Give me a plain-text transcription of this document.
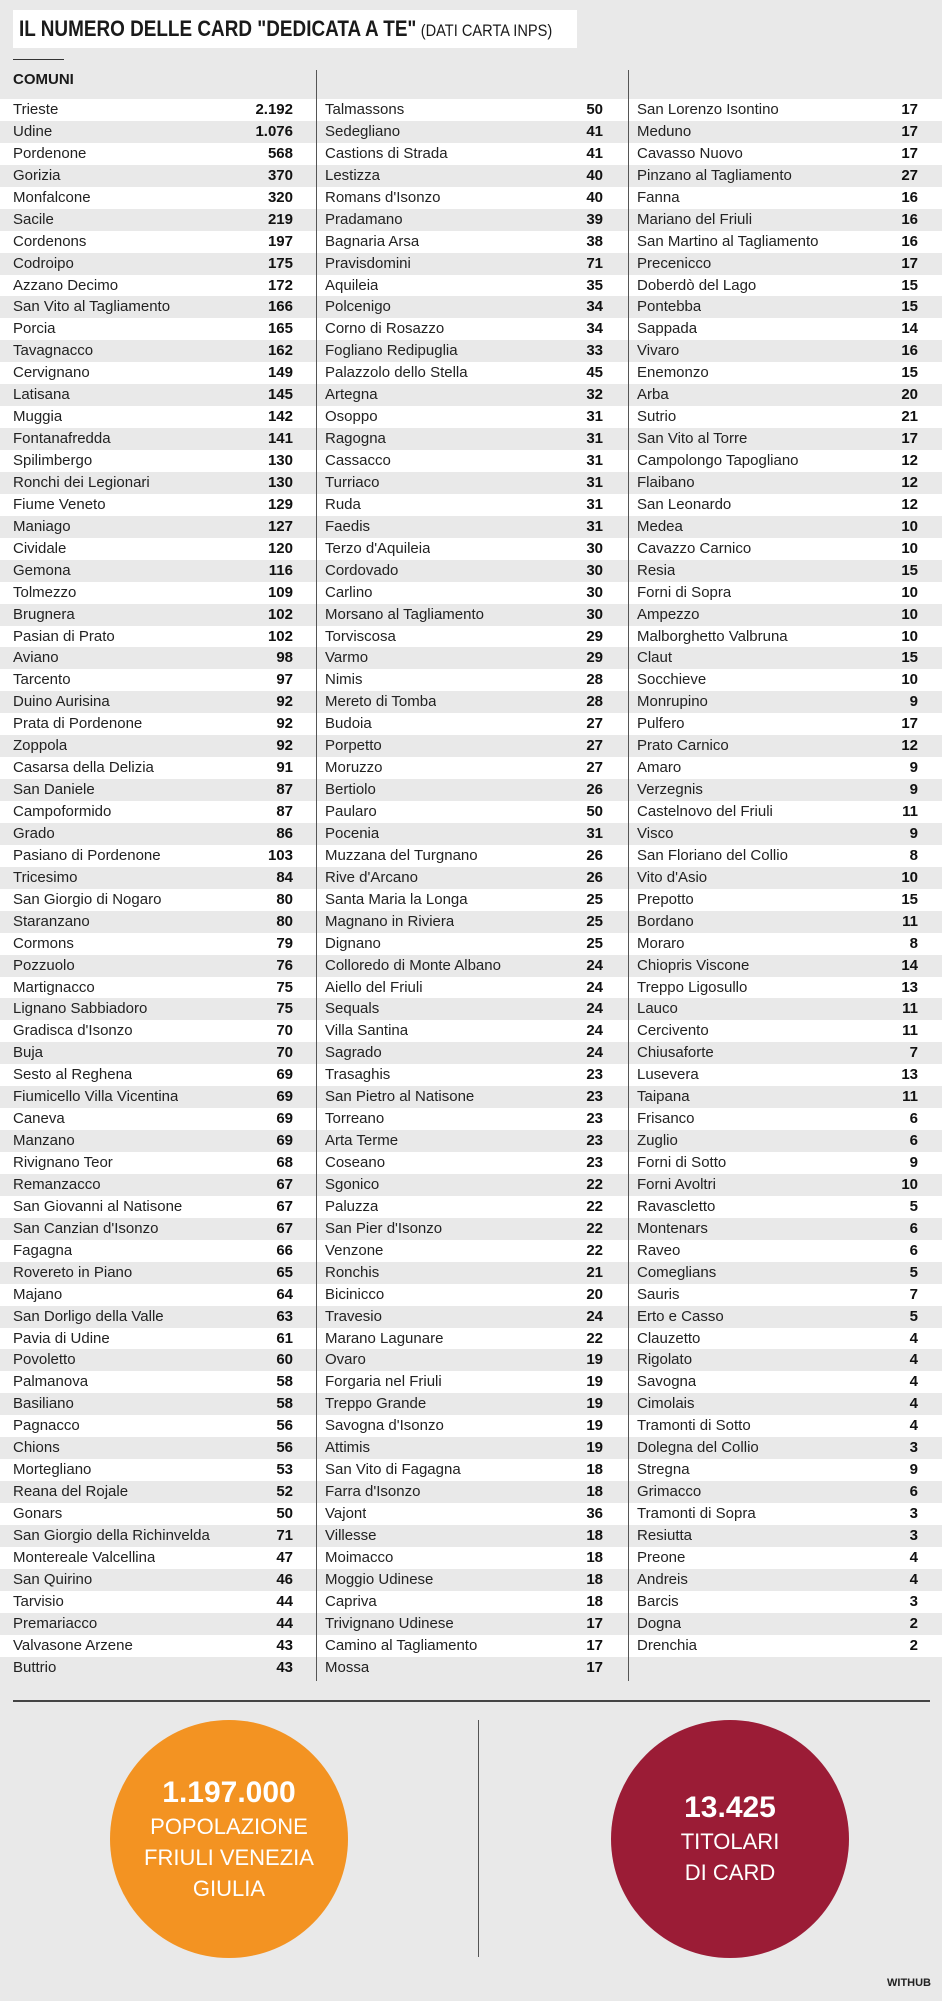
IL NUMERO DELLE CARD "DEDICATA A TE" (DATI CARTA INPS)
COMUNI
Trieste	2.192
Udine	1.076
Pordenone	568
Gorizia	370
Monfalcone	320
Sacile	219
Cordenons	197
Codroipo	175
Azzano Decimo	172
San Vito al Tagliamento	166
Porcia	165
Tavagnacco	162
Cervignano	149
Latisana	145
Muggia	142
Fontanafredda	141
Spilimbergo	130
Ronchi dei Legionari	130
Fiume Veneto	129
Maniago	127
Cividale	120
Gemona	116
Tolmezzo	109
Brugnera	102
Pasian di Prato	102
Aviano	98
Tarcento	97
Duino Aurisina	92
Prata di Pordenone	92
Zoppola	92
Casarsa della Delizia	91
San Daniele	87
Campoformido	87
Grado	86
Pasiano di Pordenone	103
Tricesimo	84
San Giorgio di Nogaro	80
Staranzano	80
Cormons	79
Pozzuolo	76
Martignacco	75
Lignano Sabbiadoro	75
Gradisca d'Isonzo	70
Buja	70
Sesto al Reghena	69
Fiumicello Villa Vicentina	69
Caneva	69
Manzano	69
Rivignano Teor	68
Remanzacco	67
San Giovanni al Natisone	67
San Canzian d'Isonzo	67
Fagagna	66
Rovereto in Piano	65
Majano	64
San Dorligo della Valle	63
Pavia di Udine	61
Povoletto	60
Palmanova	58
Basiliano	58
Pagnacco	56
Chions	56
Mortegliano	53
Reana del Rojale	52
Gonars	50
San Giorgio della Richinvelda	71
Montereale Valcellina	47
San Quirino	46
Tarvisio	44
Premariacco	44
Valvasone Arzene	43
Buttrio	43
Talmassons	50
Sedegliano	41
Castions di Strada	41
Lestizza	40
Romans d'Isonzo	40
Pradamano	39
Bagnaria Arsa	38
Pravisdomini	71
Aquileia	35
Polcenigo	34
Corno di Rosazzo	34
Fogliano Redipuglia	33
Palazzolo dello Stella	45
Artegna	32
Osoppo	31
Ragogna	31
Cassacco	31
Turriaco	31
Ruda	31
Faedis	31
Terzo d'Aquileia	30
Cordovado	30
Carlino	30
Morsano al Tagliamento	30
Torviscosa	29
Varmo	29
Nimis	28
Mereto di Tomba	28
Budoia	27
Porpetto	27
Moruzzo	27
Bertiolo	26
Paularo	50
Pocenia	31
Muzzana del Turgnano	26
Rive d'Arcano	26
Santa Maria la Longa	25
Magnano in Riviera	25
Dignano	25
Colloredo di Monte Albano	24
Aiello del Friuli	24
Sequals	24
Villa Santina	24
Sagrado	24
Trasaghis	23
San Pietro al Natisone	23
Torreano	23
Arta Terme	23
Coseano	23
Sgonico	22
Paluzza	22
San Pier d'Isonzo	22
Venzone	22
Ronchis	21
Bicinicco	20
Travesio	24
Marano Lagunare	22
Ovaro	19
Forgaria nel Friuli	19
Treppo Grande	19
Savogna d'Isonzo	19
Attimis	19
San Vito di Fagagna	18
Farra d'Isonzo	18
Vajont	36
Villesse	18
Moimacco	18
Moggio Udinese	18
Capriva	18
Trivignano Udinese	17
Camino al Tagliamento	17
Mossa	17
San Lorenzo Isontino	17
Meduno	17
Cavasso Nuovo	17
Pinzano al Tagliamento	27
Fanna	16
Mariano del Friuli	16
San Martino al Tagliamento	16
Precenicco	17
Doberdò del Lago	15
Pontebba	15
Sappada	14
Vivaro	16
Enemonzo	15
Arba	20
Sutrio	21
San Vito al Torre	17
Campolongo Tapogliano	12
Flaibano	12
San Leonardo	12
Medea	10
Cavazzo Carnico	10
Resia	15
Forni di Sopra	10
Ampezzo	10
Malborghetto Valbruna	10
Claut	15
Socchieve	10
Monrupino	9
Pulfero	17
Prato Carnico	12
Amaro	9
Verzegnis	9
Castelnovo del Friuli	11
Visco	9
San Floriano del Collio	8
Vito d'Asio	10
Prepotto	15
Bordano	11
Moraro	8
Chiopris Viscone	14
Treppo Ligosullo	13
Lauco	11
Cercivento	11
Chiusaforte	7
Lusevera	13
Taipana	11
Frisanco	6
Zuglio	6
Forni di Sotto	9
Forni Avoltri	10
Ravascletto	5
Montenars	6
Raveo	6
Comeglians	5
Sauris	7
Erto e Casso	5
Clauzetto	4
Rigolato	4
Savogna	4
Cimolais	4
Tramonti di Sotto	4
Dolegna del Collio	3
Stregna	9
Grimacco	6
Tramonti di Sopra	3
Resiutta	3
Preone	4
Andreis	4
Barcis	3
Dogna	2
Drenchia	2
1.197.000
POPOLAZIONE
FRIULI VENEZIA
GIULIA
13.425
TITOLARI
DI CARD
WITHUB
